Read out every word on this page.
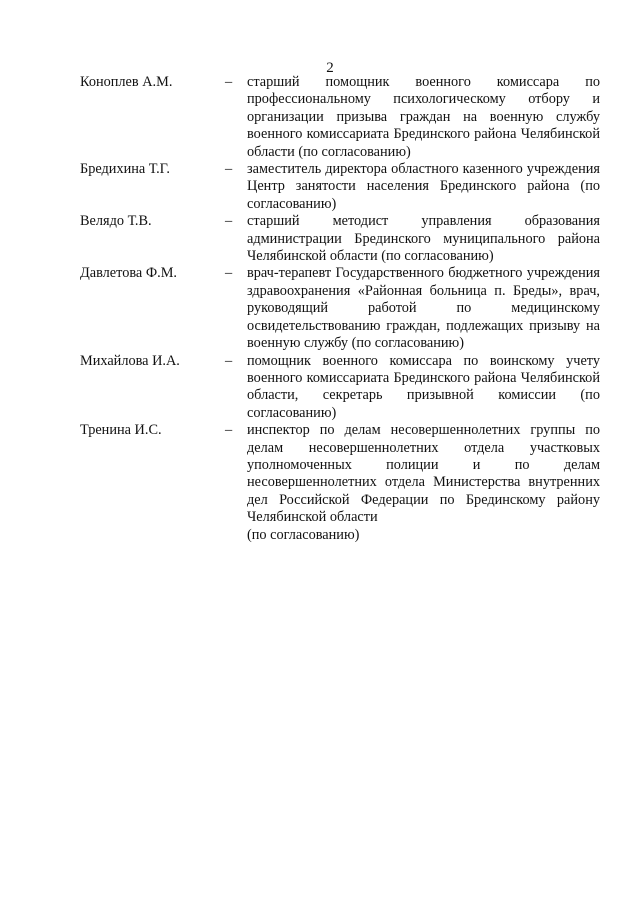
2
Коноплев А.М.	– старший помощник военного комиссара по профессиональному психологическому отбору и организации призыва граждан на военную службу военного комиссариата Брединского района Челябинской области (по согласованию)
Бредихина Т.Г.	– заместитель директора областного казенного учреждения Центр занятости населения Брединского района (по согласованию)
Велядо Т.В.	– старший методист управления образования администрации Брединского муниципального района Челябинской области (по согласованию)
Давлетова Ф.М.	– врач-терапевт Государственного бюджетного учреждения здравоохранения «Районная больница п. Бреды», врач, руководящий работой по медицинскому освидетельствованию граждан, подлежащих призыву на военную службу (по согласованию)
Михайлова И.А.	– помощник военного комиссара по воинскому учету военного комиссариата Брединского района Челябинской области, секретарь призывной комиссии (по согласованию)
Тренина И.С.	– инспектор по делам несовершеннолетних группы по делам несовершеннолетних отдела участковых уполномоченных полиции и по делам несовершеннолетних отдела Министерства внутренних дел Российской Федерации по Брединскому району Челябинской области
(по согласованию)
